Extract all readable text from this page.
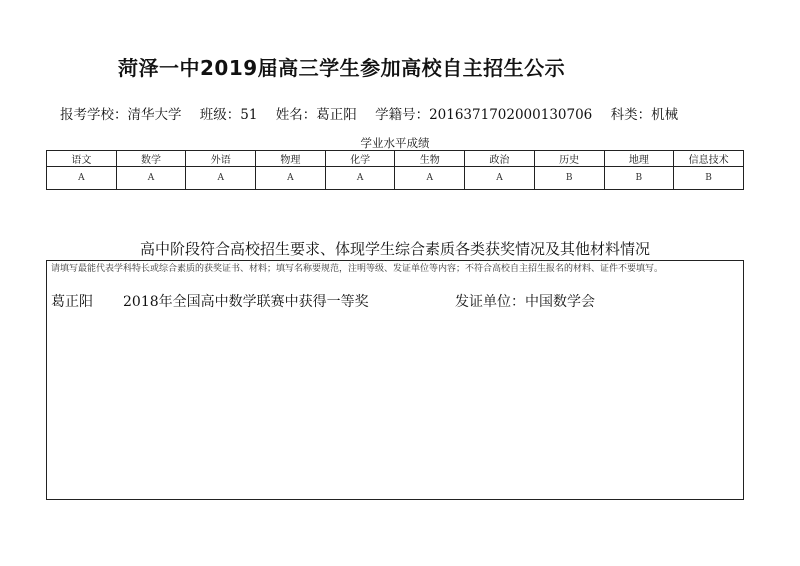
菏泽一中2019届高三学生参加高校自主招生公示
报考学校：清华大学 班级：51 姓名：葛正阳 学籍号：2016371702000130706 科类：机械
学业水平成绩
语文	数学	外语	物理	化学	生物	政治	历史	地理	信息技术
A	A	A	A	A	A	A	B	B	B
高中阶段符合高校招生要求、体现学生综合素质各类获奖情况及其他材料情况
请填写最能代表学科特长或综合素质的获奖证书、材料；填写名称要规范，注明等级、发证单位等内容；不符合高校自主招生报名的材料、证件不要填写。
葛正阳 2018年全国高中数学联赛中获得一等奖	发证单位：中国数学会
